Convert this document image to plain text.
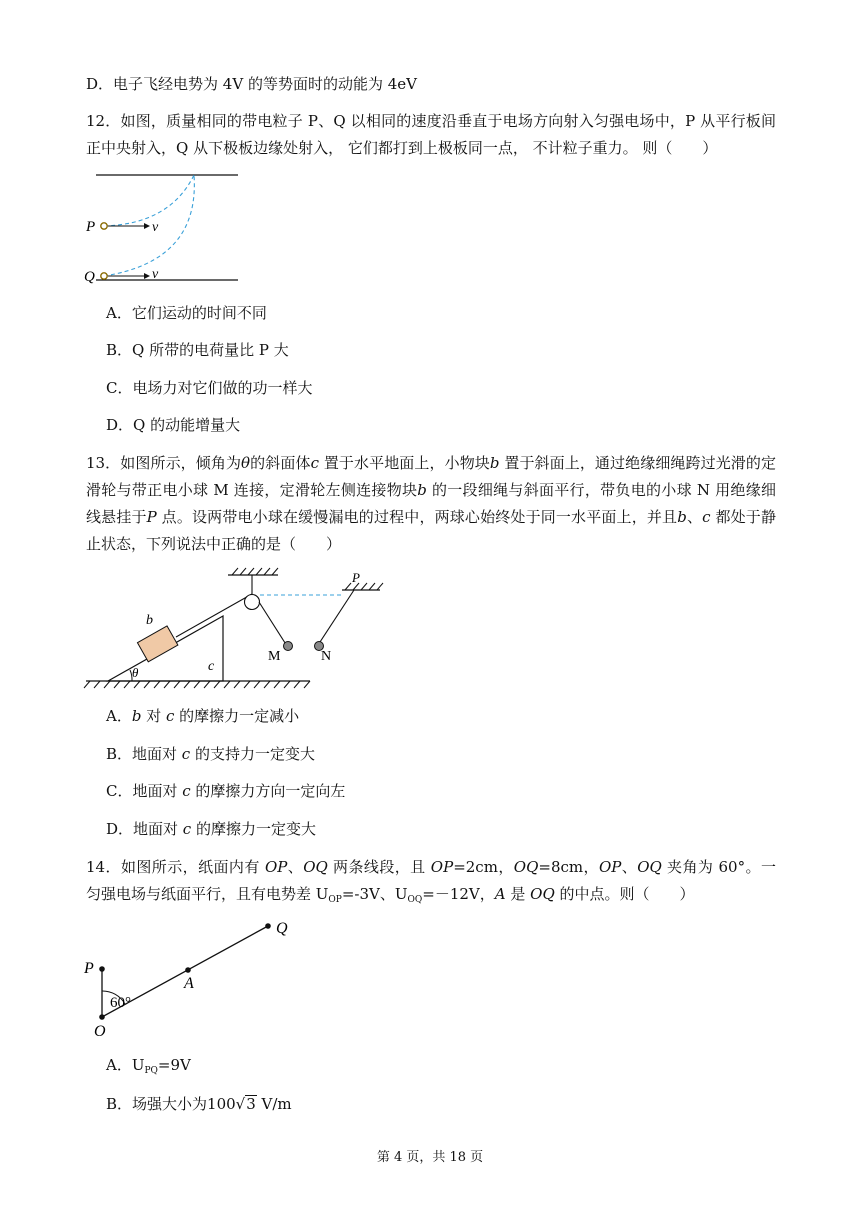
D．电子飞经电势为 4V 的等势面时的动能为 4eV
12．如图，质量相同的带电粒子 P、Q 以相同的速度沿垂直于电场方向射入匀强电场中，P 从平行板间正中央射入，Q 从下极板边缘处射入， 它们都打到上极板同一点， 不计粒子重力。 则（　　）
P
Q
v
v
A．它们运动的时间不同
B．Q 所带的电荷量比 P 大
C．电场力对它们做的功一样大
D．Q 的动能增量大
13．如图所示，倾角为θ的斜面体c 置于水平地面上，小物块b 置于斜面上，通过绝缘细绳跨过光滑的定滑轮与带正电小球 M 连接，定滑轮左侧连接物块b 的一段细绳与斜面平行，带负电的小球 N 用绝缘细线悬挂于P 点。设两带电小球在缓慢漏电的过程中，两球心始终处于同一水平面上，并且b、c 都处于静止状态，下列说法中正确的是（　　）
b
c
θ
M	N
P
A．b 对 c 的摩擦力一定减小
B．地面对 c 的支持力一定变大
C．地面对 c 的摩擦力方向一定向左
D．地面对 c 的摩擦力一定变大
14．如图所示，纸面内有 OP、OQ 两条线段，且 OP=2cm，OQ=8cm，OP、OQ 夹角为 60°。一匀强电场与纸面平行，且有电势差 $U_{OP}=-3V$、$U_{OQ}=-12V$，A 是 OQ 的中点。则（　　）
P
O
A
Q
60°
A．$U_{PQ}=9V$
B．场强大小为100√3 V/m
第 4 页，共 18 页
